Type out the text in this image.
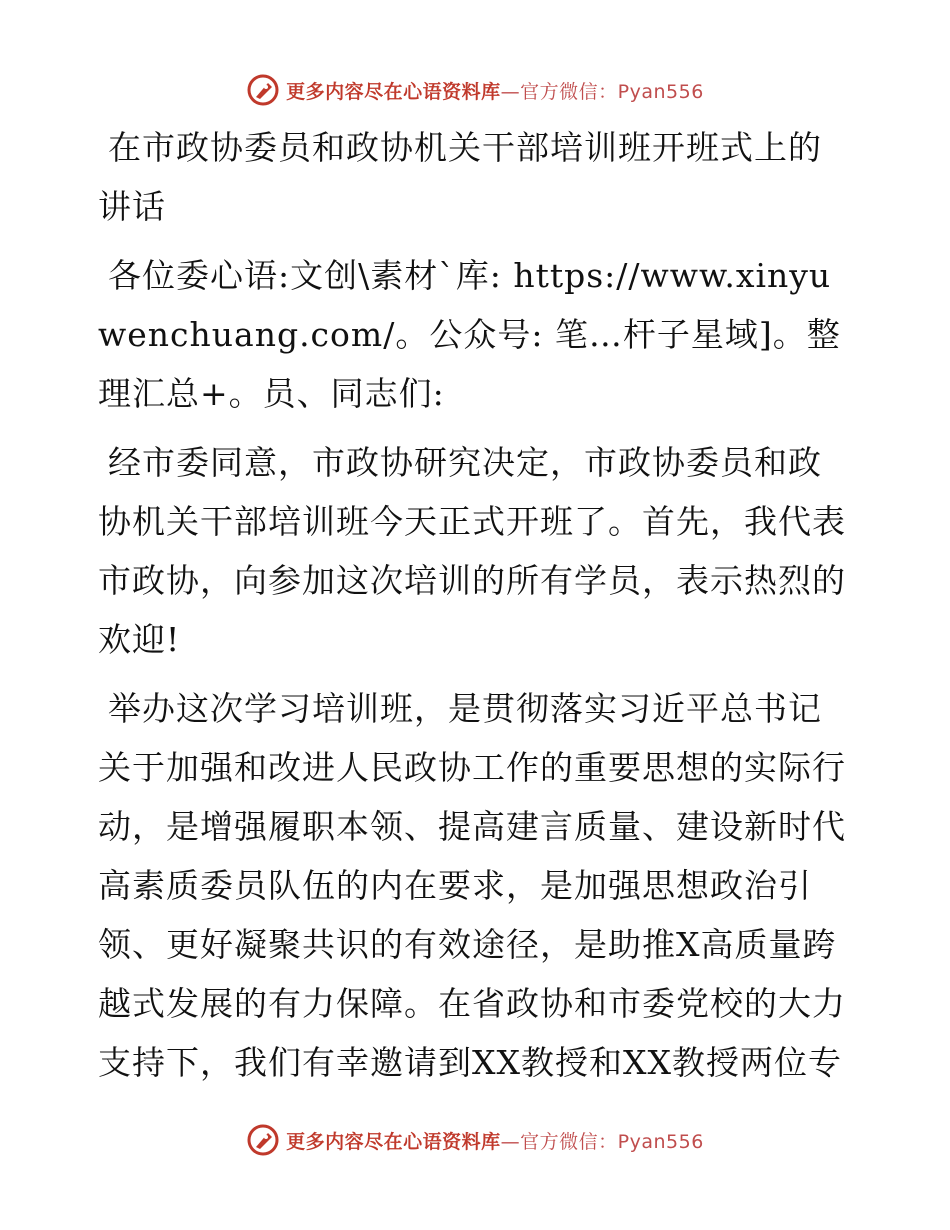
更多内容尽在心语资料库—官方微信：Pyan556

在市政协委员和政协机关干部培训班开班式上的讲话

各位委心语:文创\素材`库: https://www.xinyuwenchuang.com/。公众号: 笔…杆子星域]。整理汇总+。员、同志们:

经市委同意，市政协研究决定，市政协委员和政协机关干部培训班今天正式开班了。首先，我代表市政协，向参加这次培训的所有学员，表示热烈的欢迎!

举办这次学习培训班，是贯彻落实习近平总书记关于加强和改进人民政协工作的重要思想的实际行动，是增强履职本领、提高建言质量、建设新时代高素质委员队伍的内在要求，是加强思想政治引领、更好凝聚共识的有效途径，是助推X高质量跨越式发展的有力保障。在省政协和市委党校的大力支持下，我们有幸邀请到XX教授和XX教授两位专

更多内容尽在心语资料库—官方微信：Pyan556
